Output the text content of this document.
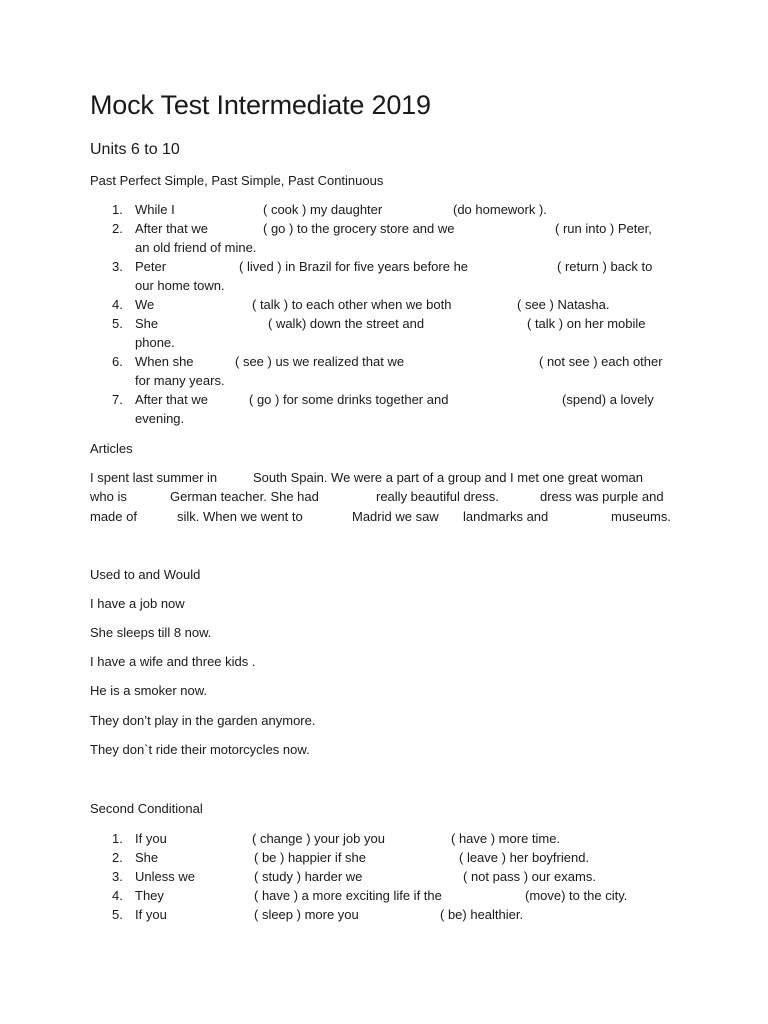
Mock Test Intermediate 2019
Units 6 to 10
Past Perfect Simple, Past Simple, Past Continuous
Articles
Used to and Would
Second Conditional
1. While I	( cook ) my daughter	(do homework ).
2. After that we	( go ) to the grocery store and we	( run into ) Peter,
an old friend of mine.
3. Peter	( lived ) in Brazil for five years before he	( return ) back to
our home town.
4. We	( talk ) to each other when we both	( see ) Natasha.
5. She	( walk) down the street and	( talk ) on her mobile
phone.
6. When she	( see ) us we realized that we	( not see ) each other
for many years.
7. After that we	( go ) for some drinks together and	(spend) a lovely
evening.
I spent last summer in	South Spain. We were a part of a group and I met one great woman
who is	German teacher. She had	really beautiful dress.	dress was purple and
made of	silk. When we went to	Madrid we saw landmarks and	museums.
I have a job now
She sleeps till 8 now.
I have a wife and three kids .
He is a smoker now.
They don’t play in the garden anymore.
They don`t ride their motorcycles now.
1. If you	( change ) your job you	( have ) more time.
2. She	( be ) happier if she	( leave ) her boyfriend.
3. Unless we	( study ) harder we	( not pass ) our exams.
4. They	( have ) a more exciting life if the	(move) to the city.
5. If you	( sleep ) more you	( be) healthier.
